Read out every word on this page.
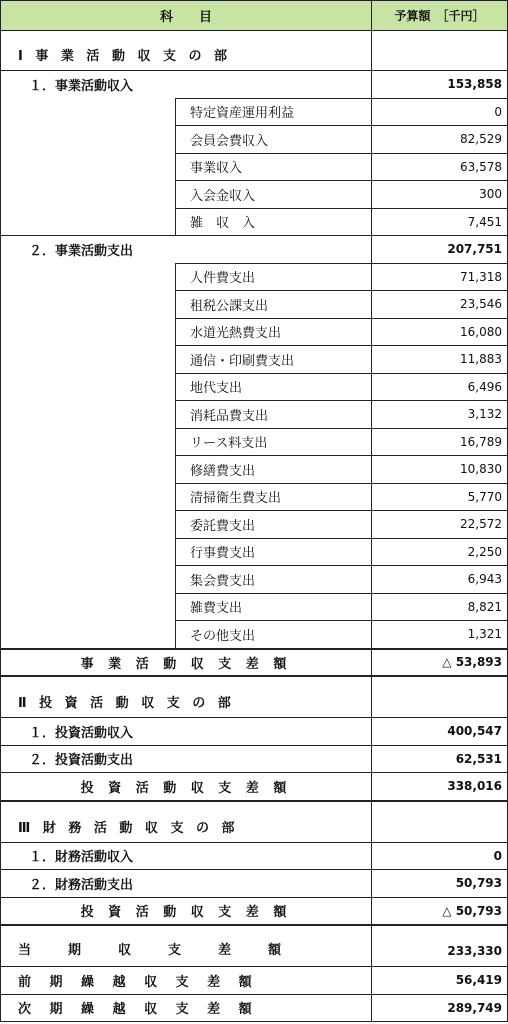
科　　目	予算額　［千円］
Ⅰ 事 業 活 動 収 支 の 部
１．事業活動収入	153,858
特定資産運用利益	0
会員会費収入	82,529
事業収入	63,578
入会金収入	300
雑　収　入	7,451
２．事業活動支出	207,751
人件費支出	71,318
租税公課支出	23,546
水道光熱費支出	16,080
通信・印刷費支出	11,883
地代支出	6,496
消耗品費支出	3,132
リース料支出	16,789
修繕費支出	10,830
清掃衛生費支出	5,770
委託費支出	22,572
行事費支出	2,250
集会費支出	6,943
雑費支出	8,821
その他支出	1,321
事 業 活 動 収 支 差 額	△ 53,893
Ⅱ 投 資 活 動 収 支 の 部
１．投資活動収入	400,547
２．投資活動支出	62,531
投 資 活 動 収 支 差 額	338,016
Ⅲ 財 務 活 動 収 支 の 部
１．財務活動収入	0
２．財務活動支出	50,793
投 資 活 動 収 支 差 額	△ 50,793
当　期　収　支　差　額	233,330
前 期 繰 越 収 支 差 額	56,419
次 期 繰 越 収 支 差 額	289,749
